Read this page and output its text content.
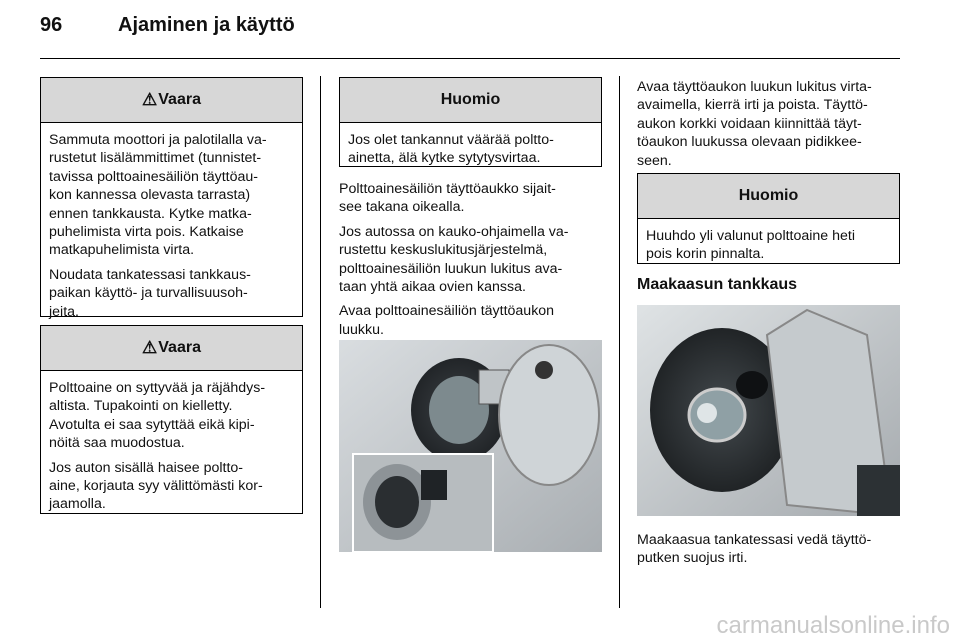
96	Ajaminen ja käyttö
⚠ Vaara

Sammuta moottori ja palotilalla va-
rustetut lisälämmittimet (tunnistet-
tavissa polttoainesäiliön täyttöau-
kon kannessa olevasta tarrasta)
ennen tankkausta. Kytke matka-
puhelimista virta pois. Katkaise
matkapuhelimista virta.

Noudata tankatessasi tankkaus-
paikan käyttö- ja turvallisuusoh-
jeita.

⚠ Vaara

Polttoaine on syttyvää ja räjähdys-
altista. Tupakointi on kielletty.
Avotulta ei saa sytyttää eikä kipi-
nöitä saa muodostua.

Jos auton sisällä haisee poltto-
aine, korjauta syy välittömästi kor-
jaamolla.

Huomio

Jos olet tankannut väärää poltto-
ainetta, älä kytke sytytysvirtaa.

Polttoainesäiliön täyttöaukko sijait-
see takana oikealla.

Jos autossa on kauko-ohjaimella va-
rustettu keskuslukitusjärjestelmä,
polttoainesäiliön luukun lukitus ava-
taan yhtä aikaa ovien kanssa.

Avaa polttoainesäiliön täyttöaukon
luukku.

Avaa täyttöaukon luukun lukitus virta-
avaimella, kierrä irti ja poista. Täyttö-
aukon korkki voidaan kiinnittää täyt-
töaukon luukussa olevaan pidikkee-
seen.

Huomio

Huuhdo yli valunut polttoaine heti
pois korin pinnalta.

Maakaasun tankkaus

Maakaasua tankatessasi vedä täyttö-
putken suojus irti.

carmanualsonline.info
